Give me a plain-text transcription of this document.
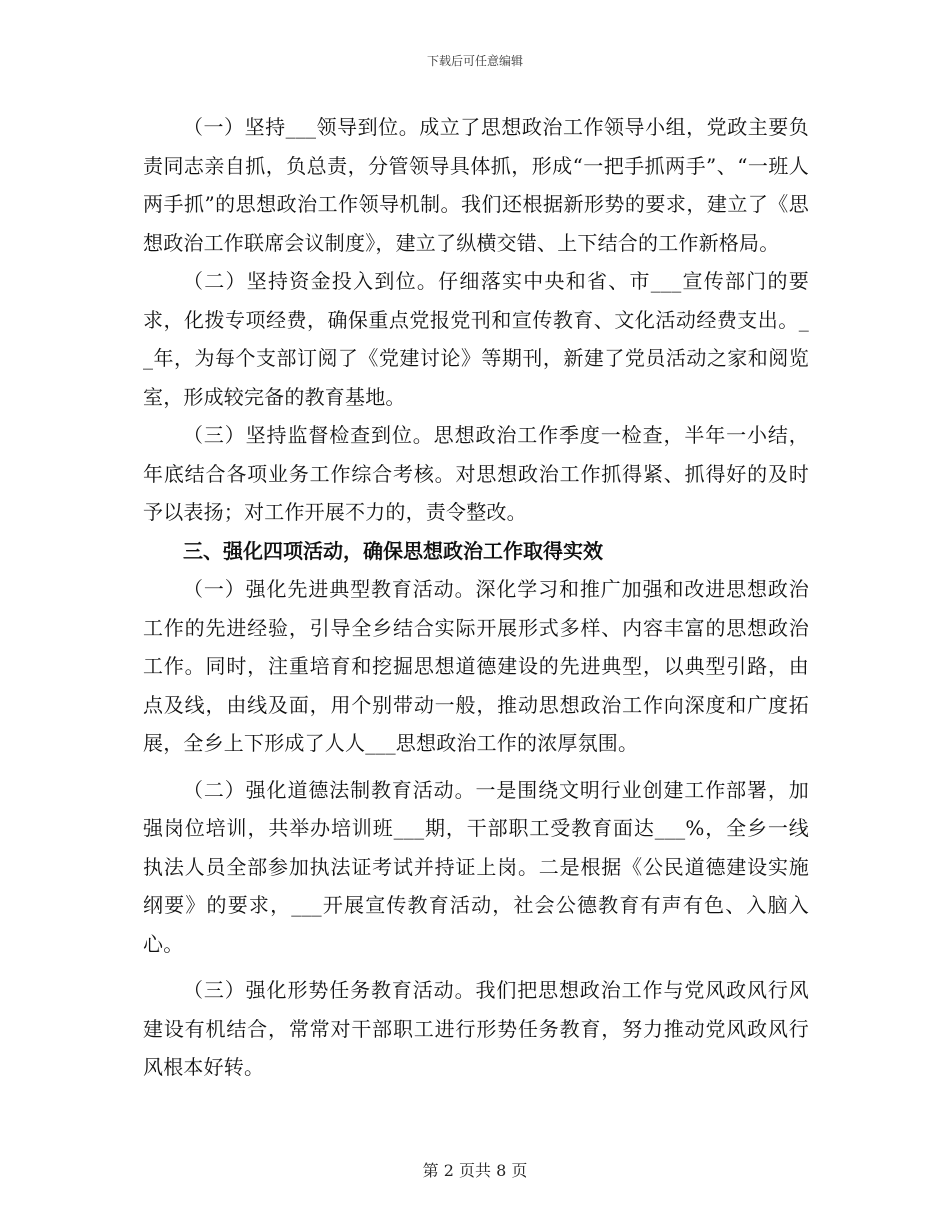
下载后可任意编辑

（一）坚持___领导到位。成立了思想政治工作领导小组，党政主要负责同志亲自抓，负总责，分管领导具体抓，形成“一把手抓两手”、“一班人两手抓”的思想政治工作领导机制。我们还根据新形势的要求，建立了《思想政治工作联席会议制度》，建立了纵横交错、上下结合的工作新格局。

（二）坚持资金投入到位。仔细落实中央和省、市___宣传部门的要求，化拨专项经费，确保重点党报党刊和宣传教育、文化活动经费支出。__年，为每个支部订阅了《党建讨论》等期刊，新建了党员活动之家和阅览室，形成较完备的教育基地。

（三）坚持监督检查到位。思想政治工作季度一检查，半年一小结，年底结合各项业务工作综合考核。对思想政治工作抓得紧、抓得好的及时予以表扬；对工作开展不力的，责令整改。

三、强化四项活动，确保思想政治工作取得实效

（一）强化先进典型教育活动。深化学习和推广加强和改进思想政治工作的先进经验，引导全乡结合实际开展形式多样、内容丰富的思想政治工作。同时，注重培育和挖掘思想道德建设的先进典型，以典型引路，由点及线，由线及面，用个别带动一般，推动思想政治工作向深度和广度拓展，全乡上下形成了人人___思想政治工作的浓厚氛围。

（二）强化道德法制教育活动。一是围绕文明行业创建工作部署，加强岗位培训，共举办培训班___期，干部职工受教育面达___%，全乡一线执法人员全部参加执法证考试并持证上岗。二是根据《公民道德建设实施纲要》的要求，___开展宣传教育活动，社会公德教育有声有色、入脑入心。

（三）强化形势任务教育活动。我们把思想政治工作与党风政风行风建设有机结合，常常对干部职工进行形势任务教育，努力推动党风政风行风根本好转。

第 2 页共 8 页
